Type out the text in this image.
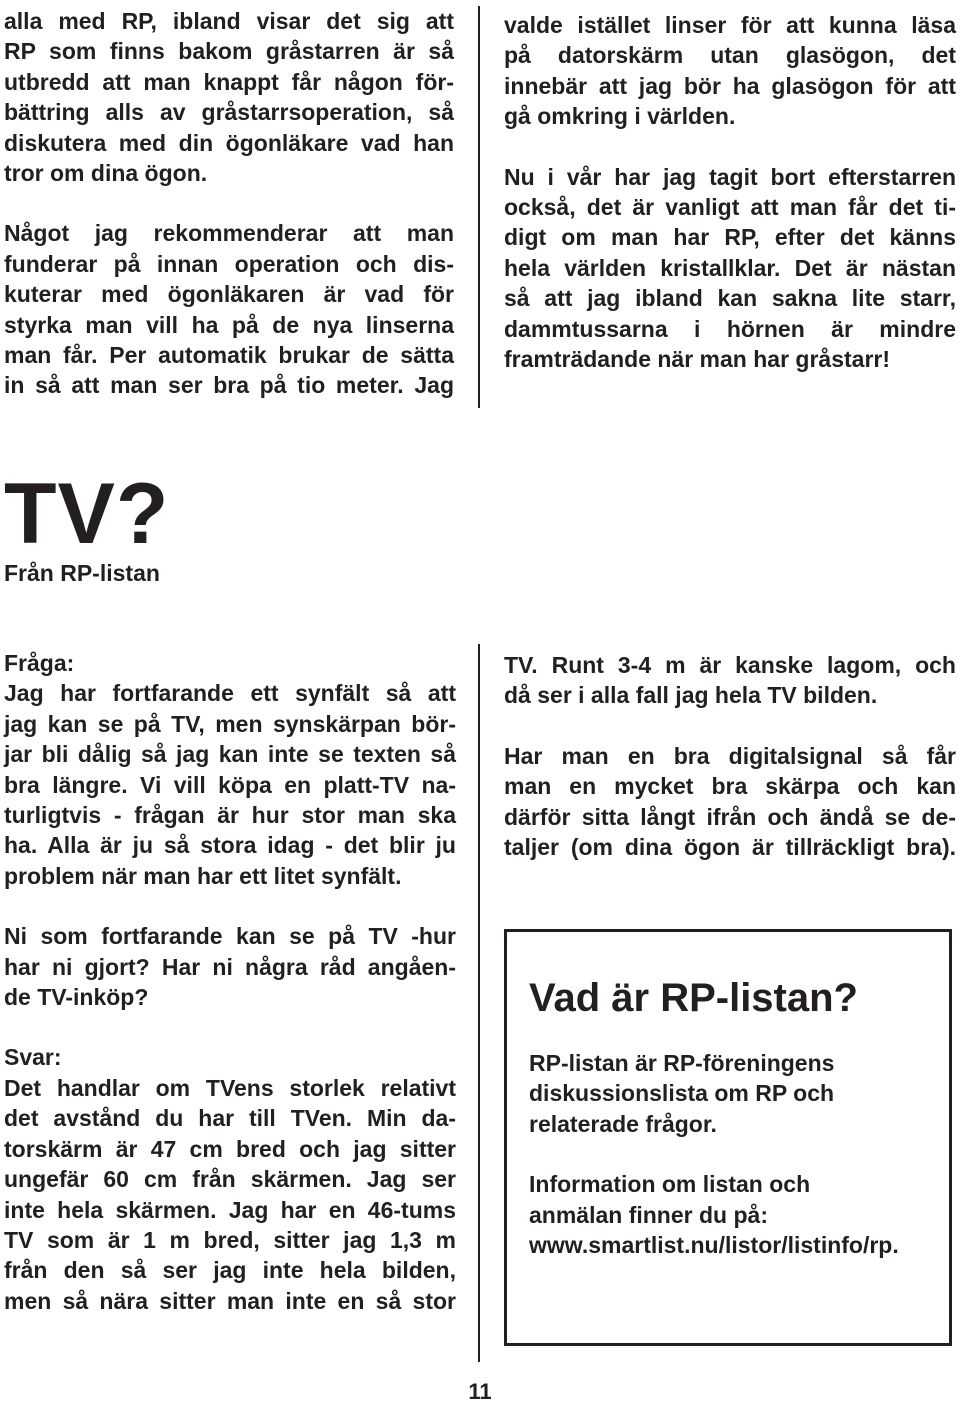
alla med RP, ibland visar det sig att
RP som finns bakom gråstarren är så
utbredd att man knappt får någon för-
bättring alls av gråstarrsoperation, så
diskutera med din ögonläkare vad han
tror om dina ögon.

Något jag rekommenderar att man
funderar på innan operation och dis-
kuterar med ögonläkaren är vad för
styrka man vill ha på de nya linserna
man får. Per automatik brukar de sätta
in så att man ser bra på tio meter. Jag

valde istället linser för att kunna läsa
på datorskärm utan glasögon, det
innebär att jag bör ha glasögon för att
gå omkring i världen.

Nu i vår har jag tagit bort efterstarren
också, det är vanligt att man får det ti-
digt om man har RP, efter det känns
hela världen kristallklar. Det är nästan
så att jag ibland kan sakna lite starr,
dammtussarna i hörnen är mindre
framträdande när man har gråstarr!

TV?
Från RP-listan

Fråga:

Jag har fortfarande ett synfält så att
jag kan se på TV, men synskärpan bör-
jar bli dålig så jag kan inte se texten så
bra längre. Vi vill köpa en platt-TV na-
turligtvis - frågan är hur stor man ska
ha. Alla är ju så stora idag - det blir ju
problem när man har ett litet synfält.

Ni som fortfarande kan se på TV -hur
har ni gjort? Har ni några råd angåen-
de TV-inköp?

Svar:

Det handlar om TVens storlek relativt
det avstånd du har till TVen. Min da-
torskärm är 47 cm bred och jag sitter
ungefär 60 cm från skärmen. Jag ser
inte hela skärmen. Jag har en 46-tums
TV som är 1 m bred, sitter jag 1,3 m
från den så ser jag inte hela bilden,
men så nära sitter man inte en så stor

TV. Runt 3-4 m är kanske lagom, och
då ser i alla fall jag hela TV bilden.

Har man en bra digitalsignal så får
man en mycket bra skärpa och kan
därför sitta långt ifrån och ändå se de-
taljer (om dina ögon är tillräckligt bra).

Vad är RP-listan?
RP-listan är RP-föreningens
diskussionslista om RP och
relaterade frågor.
Information om listan och
anmälan finner du på:
www.smartlist.nu/listor/listinfo/rp.
11
